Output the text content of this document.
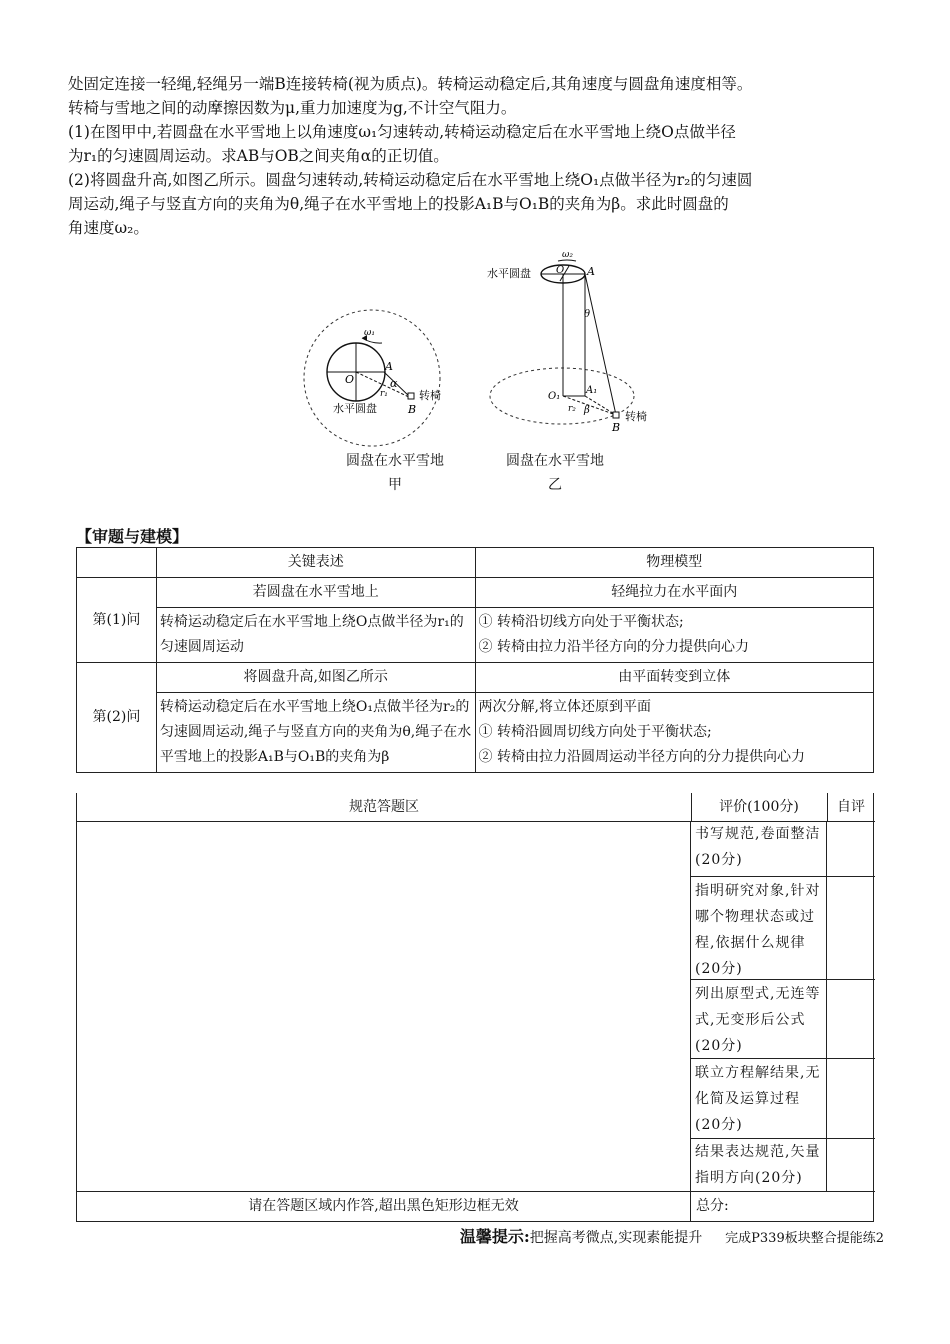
处固定连接一轻绳,轻绳另一端B连接转椅(视为质点)。转椅运动稳定后,其角速度与圆盘角速度相等。

转椅与雪地之间的动摩擦因数为μ,重力加速度为g,不计空气阻力。

(1)在图甲中,若圆盘在水平雪地上以角速度ω₁匀速转动,转椅运动稳定后在水平雪地上绕O点做半径

为r₁的匀速圆周运动。求AB与OB之间夹角α的正切值。

(2)将圆盘升高,如图乙所示。圆盘匀速转动,转椅运动稳定后在水平雪地上绕O₁点做半径为r₂的匀速圆

周运动,绳子与竖直方向的夹角为θ,绳子在水平雪地上的投影A₁B与O₁B的夹角为β。求此时圆盘的

角速度ω₂。

ω₁
A
O	α
r₁
B
水平圆盘
转椅
圆盘在水平雪地
甲
ω₂
水平圆盘	O A
θ
O₁
A₁
r₂ β
B
转椅
圆盘在水平雪地
乙
【审题与建模】
	关键表述	物理模型
第(1)问	若圆盘在水平雪地上	轻绳拉力在水平面内
	转椅运动稳定后在水平雪地上绕O点做半径为r₁的匀速圆周运动	① 转椅沿切线方向处于平衡状态;
② 转椅由拉力沿半径方向的分力提供向心力

第(2)问	将圆盘升高,如图乙所示	由平面转变到立体
	转椅运动稳定后在水平雪地上绕O₁点做半径为r₂的匀速圆周运动,绳子与竖直方向的夹角为θ,绳子在水平雪地上的投影A₁B与O₁B的夹角为β	两次分解,将立体还原到平面
① 转椅沿圆周切线方向处于平衡状态;
② 转椅由拉力沿圆周运动半径方向的分力提供向心力
规范答题区	评价(100分)	自评
书写规范,卷面整洁(20分)
指明研究对象,针对哪个物理状态或过程,依据什么规律(20分)
列出原型式,无连等式,无变形后公式(20分)
联立方程解结果,无化简及运算过程(20分)
结果表达规范,矢量指明方向(20分)
请在答题区域内作答,超出黑色矩形边框无效	总分:
温馨提示:把握高考微点,实现素能提升 完成P339板块整合提能练2
